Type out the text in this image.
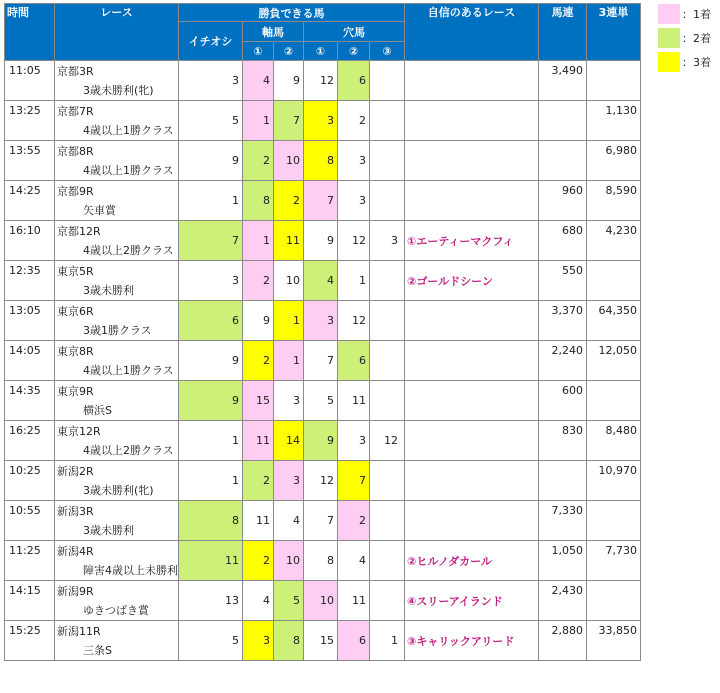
時間	レース	勝負できる馬						自信のあるレース	馬連	3連単

		イチオシ	軸馬		穴馬					

			①	②	①	②	③			

11:05	京都3R	3	4	9	12	6			3,490	
	3歳未勝利(牝)									
13:25	京都7R	5	1	7	3	2				1,130
	4歳以上1勝クラス									
13:55	京都8R	9	2	10	8	3				6,980
	4歳以上1勝クラス									
14:25	京都9R	1	8	2	7	3			960	8,590
	矢車賞									
16:10	京都12R	7	1	11	9	12	3	①エーティーマクフィ	680	4,230
	4歳以上2勝クラス									
12:35	東京5R	3	2	10	4	1		②ゴールドシーン	550	
	3歳未勝利									
13:05	東京6R	6	9	1	3	12			3,370	64,350
	3歳1勝クラス									
14:05	東京8R	9	2	1	7	6			2,240	12,050
	4歳以上1勝クラス									
14:35	東京9R	9	15	3	5	11			600	
	横浜S									
16:25	東京12R	1	11	14	9	3	12		830	8,480
	4歳以上2勝クラス									
10:25	新潟2R	1	2	3	12	7				10,970
	3歳未勝利(牝)									
10:55	新潟3R	8	11	4	7	2			7,330	
	3歳未勝利									
11:25	新潟4R	11	2	10	8	4		②ヒルノダカール	1,050	7,730
	障害4歳以上未勝利									
14:15	新潟9R	13	4	5	10	11		④スリーアイランド	2,430	
	ゆきつばき賞									
15:25	新潟11R	5	3	8	15	6	1	③キャリックアリード	2,880	33,850
	三条S									
：1着
：2着
：3着
